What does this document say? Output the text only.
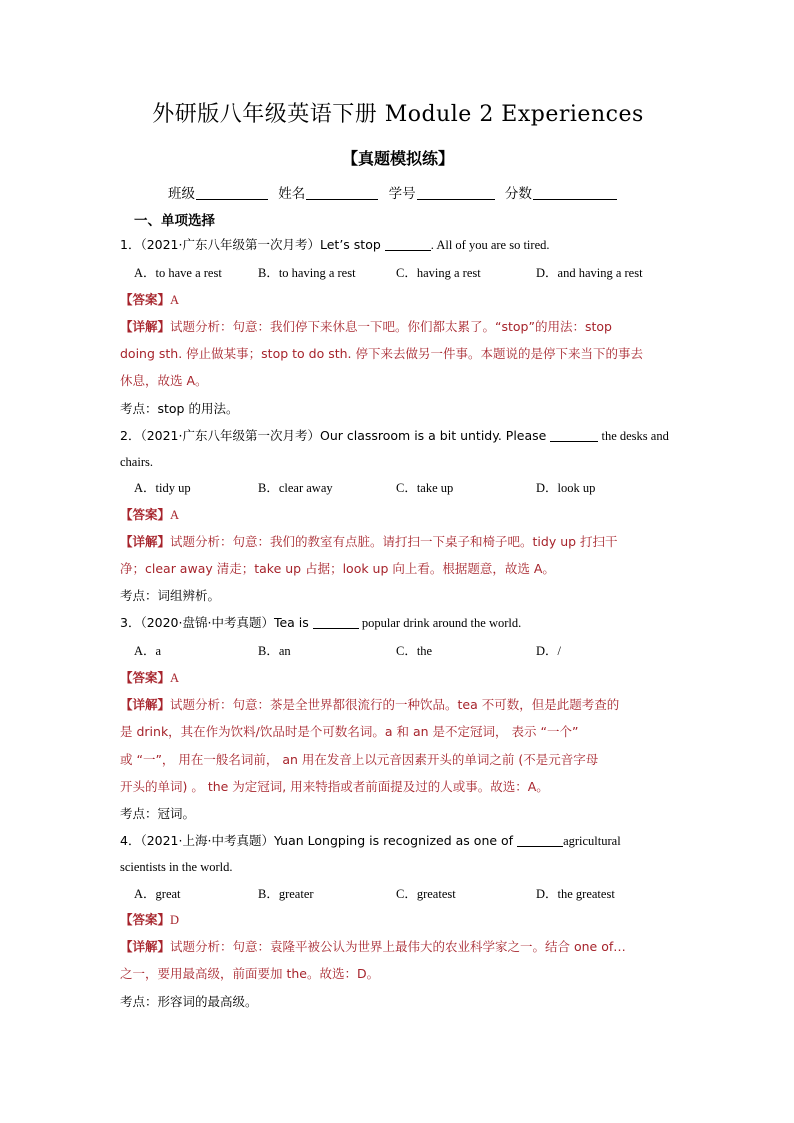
外研版八年级英语下册 Module 2 Experiences
【真题模拟练】
班级	姓名	学号	分数
一、单项选择
1．（2021·广东八年级第一次月考）Let’s stop	. All of you are so tired.
A．to have a rest	B．to having a rest	C．having a rest	D．and having a rest
【答案】A
【详解】试题分析：句意：我们停下来休息一下吧。你们都太累了。“stop”的用法：stop
doing sth. 停止做某事；stop to do sth. 停下来去做另一件事。本题说的是停下来当下的事去
休息，故选 A。
考点：stop 的用法。
2．（2021·广东八年级第一次月考）Our classroom is a bit untidy. Please	the desks and
chairs.
A．tidy up	B．clear away	C．take up	D．look up
【答案】A
【详解】试题分析：句意：我们的教室有点脏。请打扫一下桌子和椅子吧。tidy up 打扫干
净；clear away 清走；take up 占据；look up 向上看。根据题意，故选 A。
考点：词组辨析。
3．（2020·盘锦·中考真题）Tea is	popular drink around the world.
A．a	B．an	C．the	D．/
【答案】A
【详解】试题分析：句意：茶是全世界都很流行的一种饮品。tea 不可数，但是此题考查的
是 drink，其在作为饮料/饮品时是个可数名词。a 和 an 是不定冠词， 表示 “一个”
或 “一”， 用在一般名词前， an 用在发音上以元音因素开头的单词之前 (不是元音字母
开头的单词) 。 the 为定冠词, 用来特指或者前面提及过的人或事。故选：A。
考点：冠词。
4．（2021·上海·中考真题）Yuan Longping is recognized as one of	agricultural
scientists in the world.
A．great	B．greater	C．greatest	D．the greatest
【答案】D
【详解】试题分析：句意：袁隆平被公认为世界上最伟大的农业科学家之一。结合 one of…
之一，要用最高级，前面要加 the。故选：D。
考点：形容词的最高级。
